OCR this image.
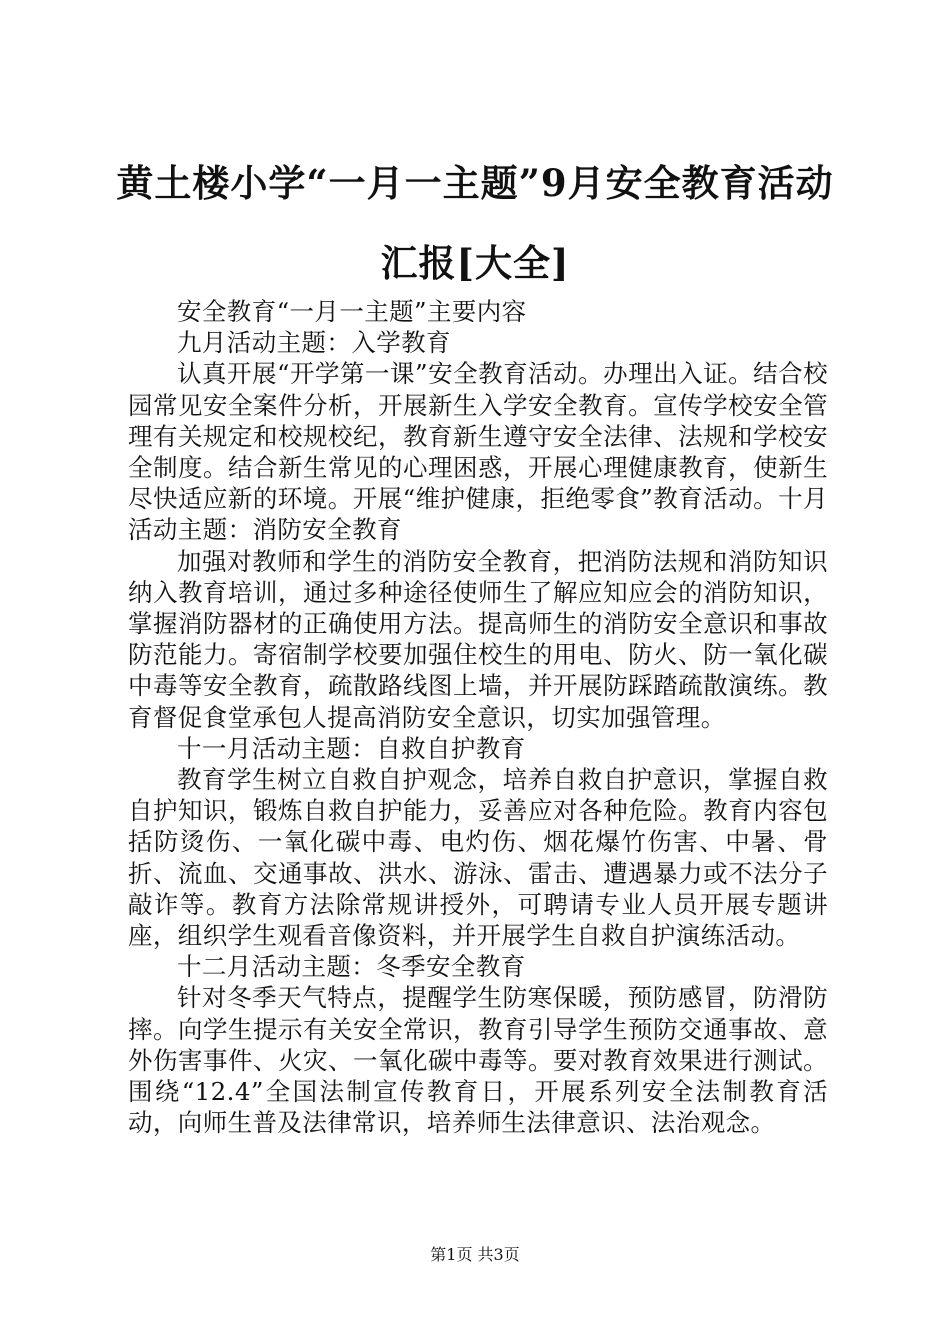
黄土楼小学“一月一主题”9月安全教育活动
汇报[大全]

安全教育“一月一主题”主要内容

九月活动主题：入学教育

认真开展“开学第一课”安全教育活动。办理出入证。结合校园常见安全案件分析，开展新生入学安全教育。宣传学校安全管理有关规定和校规校纪，教育新生遵守安全法律、法规和学校安全制度。结合新生常见的心理困惑，开展心理健康教育，使新生尽快适应新的环境。开展“维护健康，拒绝零食”教育活动。十月活动主题：消防安全教育

加强对教师和学生的消防安全教育，把消防法规和消防知识纳入教育培训，通过多种途径使师生了解应知应会的消防知识，掌握消防器材的正确使用方法。提高师生的消防安全意识和事故防范能力。寄宿制学校要加强住校生的用电、防火、防一氧化碳中毒等安全教育，疏散路线图上墙，并开展防踩踏疏散演练。教育督促食堂承包人提高消防安全意识，切实加强管理。

十一月活动主题：自救自护教育

教育学生树立自救自护观念，培养自救自护意识，掌握自救自护知识，锻炼自救自护能力，妥善应对各种危险。教育内容包括防烫伤、一氧化碳中毒、电灼伤、烟花爆竹伤害、中暑、骨折、流血、交通事故、洪水、游泳、雷击、遭遇暴力或不法分子敲诈等。教育方法除常规讲授外，可聘请专业人员开展专题讲座，组织学生观看音像资料，并开展学生自救自护演练活动。

十二月活动主题：冬季安全教育

针对冬季天气特点，提醒学生防寒保暖，预防感冒，防滑防摔。向学生提示有关安全常识，教育引导学生预防交通事故、意外伤害事件、火灾、一氧化碳中毒等。要对教育效果进行测试。围绕“12.4”全国法制宣传教育日，开展系列安全法制教育活动，向师生普及法律常识，培养师生法律意识、法治观念。

第1页 共3页
